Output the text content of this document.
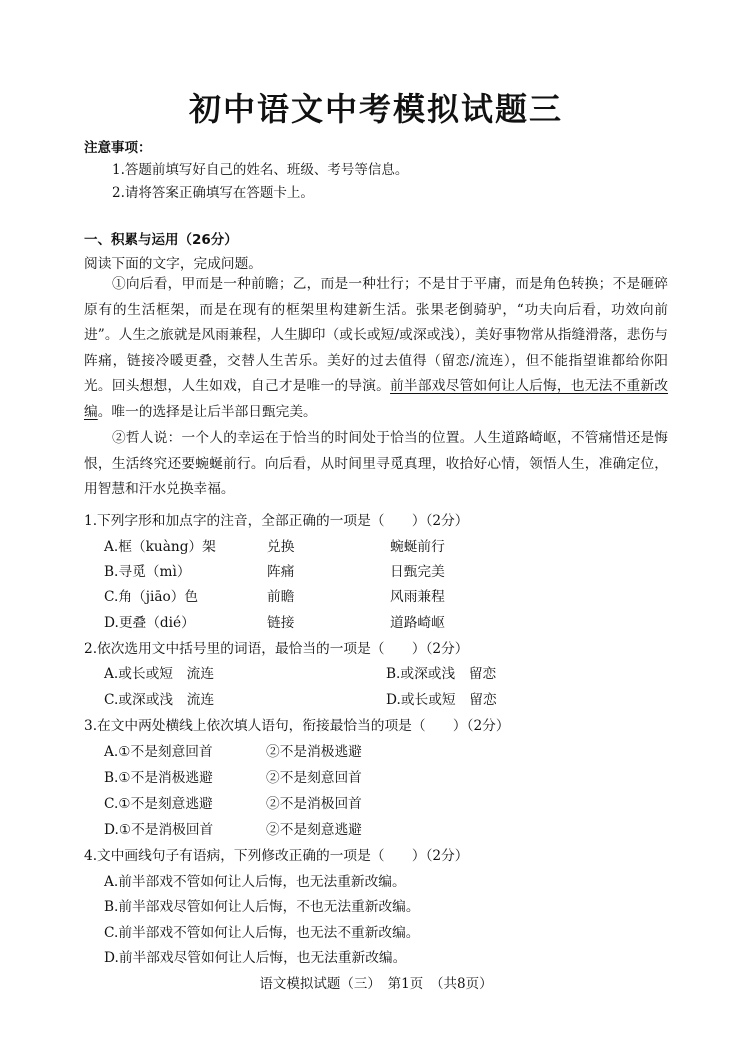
初中语文中考模拟试题三
注意事项：
1.答题前填写好自己的姓名、班级、考号等信息。
2.请将答案正确填写在答题卡上。
一、积累与运用（26分）
阅读下面的文字，完成问题。
①向后看，甲而是一种前瞻；乙，而是一种壮行；不是甘于平庸，而是角色转换；不是砸碎原有的生活框架，而是在现有的框架里构建新生活。张果老倒骑驴，“功夫向后看，功效向前进”。人生之旅就是风雨兼程，人生脚印（或长或短/或深或浅），美好事物常从指缝滑落，悲伤与阵痛，链接冷暖更叠，交替人生苦乐。美好的过去值得（留恋/流连），但不能指望谁都给你阳光。回头想想，人生如戏，自己才是唯一的导演。前半部戏尽管如何让人后悔，也无法不重新改编。唯一的选择是让后半部日甄完美。
②哲人说：一个人的幸运在于恰当的时间处于恰当的位置。人生道路崎岖，不管痛惜还是悔恨，生活终究还要蜿蜒前行。向后看，从时间里寻觅真理，收拾好心情，领悟人生，准确定位，用智慧和汗水兑换幸福。
1.下列字形和加点字的注音，全部正确的一项是（　　）（2分）
A.框（kuàng）架	兑换	蜿蜒前行
B.寻觅（mì）	阵痛	日甄完美
C.角（jiāo）色	前瞻	风雨兼程
D.更叠（dié）	链接	道路崎岖
2.依次选用文中括号里的词语，最恰当的一项是（　　）（2分）
A.或长或短　流连	B.或深或浅　留恋
C.或深或浅　流连	D.或长或短　留恋
3.在文中两处横线上依次填人语句，衔接最恰当的项是（　　）（2分）
A.①不是刻意回首	②不是消极逃避
B.①不是消极逃避	②不是刻意回首
C.①不是刻意逃避	②不是消极回首
D.①不是消极回首	②不是刻意逃避
4.文中画线句子有语病，下列修改正确的一项是（　　）（2分）
A.前半部戏不管如何让人后悔，也无法重新改编。
B.前半部戏尽管如何让人后悔，不也无法重新改编。
C.前半部戏不管如何让人后悔，也无法不重新改编。
D.前半部戏尽管如何让人后悔，也无法重新改编。
语文模拟试题（三）　第1页　（共8页）
